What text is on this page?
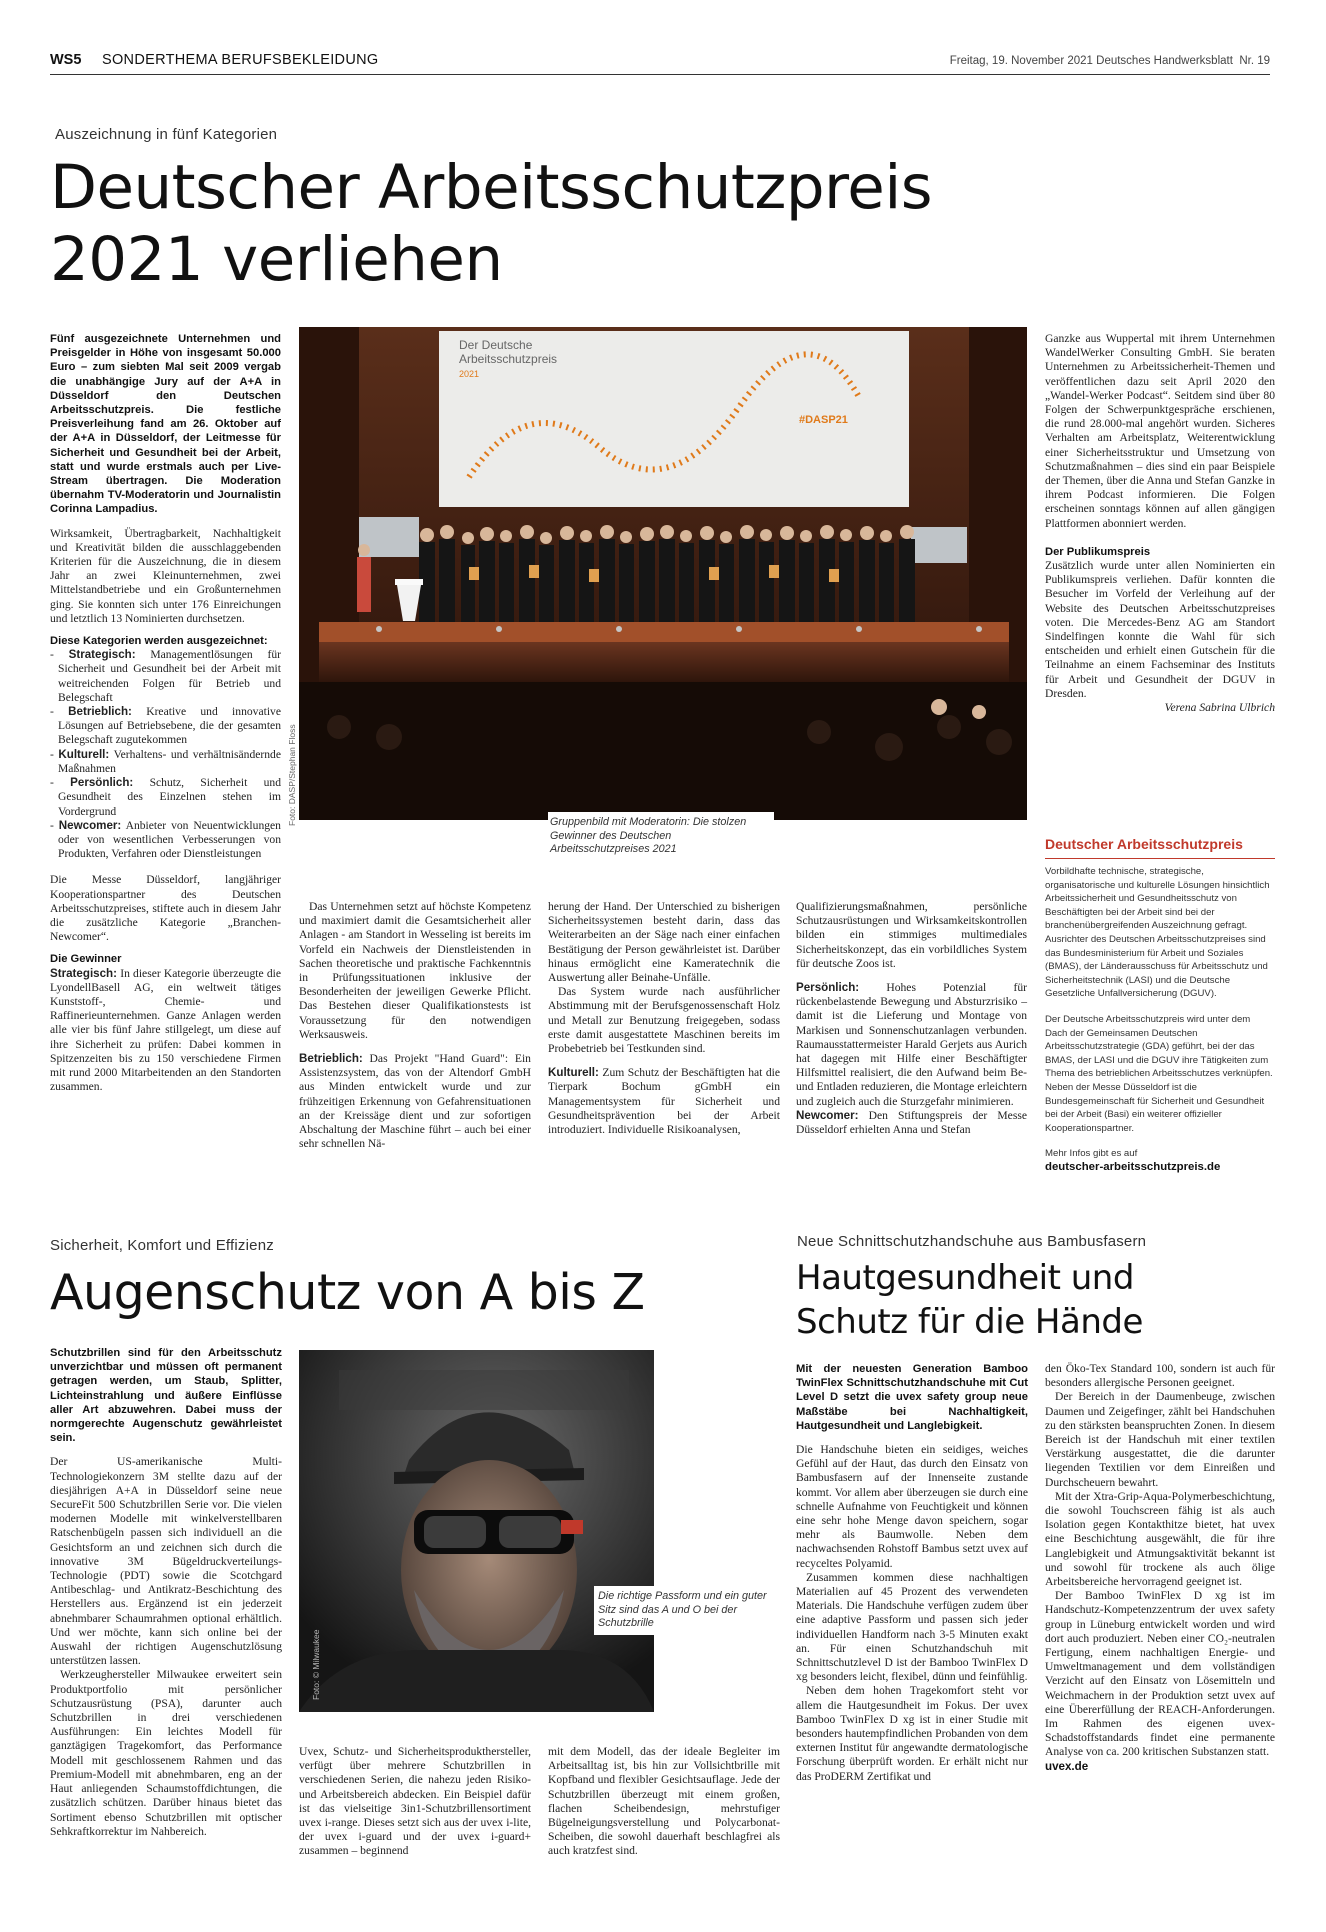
WS5 SONDERTHEMA BERUFSBEKLEIDUNG	Freitag, 19. November 2021 Deutsches Handwerksblatt Nr. 19
Auszeichnung in fünf Kategorien
Deutscher Arbeitsschutzpreis
2021 verliehen

Fünf ausgezeichnete Unternehmen und Preisgelder in Höhe von insgesamt 50.000 Euro – zum siebten Mal seit 2009 vergab die unabhängige Jury auf der A+A in Düsseldorf den Deutschen Arbeitsschutzpreis. Die festliche Preisverleihung fand am 26. Oktober auf der A+A in Düsseldorf, der Leitmesse für Sicherheit und Gesundheit bei der Arbeit, statt und wurde erstmals auch per Live-Stream übertragen. Die Moderation übernahm TV-Moderatorin und Journalistin Corinna Lampadius.

Wirksamkeit, Übertragbarkeit, Nachhaltigkeit und Kreativität bilden die ausschlaggebenden Kriterien für die Auszeichnung, die in diesem Jahr an zwei Kleinunternehmen, zwei Mittelstandbetriebe und ein Großunternehmen ging. Sie konnten sich unter 176 Einreichungen und letztlich 13 Nominierten durchsetzen.

Diese Kategorien werden ausgezeichnet:
- Strategisch: Managementlösungen für Sicherheit und Gesundheit bei der Arbeit mit weitreichenden Folgen für Betrieb und Belegschaft
- Betrieblich: Kreative und innovative Lösungen auf Betriebsebene, die der gesamten Belegschaft zugutekommen
- Kulturell: Verhaltens- und verhältnisändernde Maßnahmen
- Persönlich: Schutz, Sicherheit und Gesundheit des Einzelnen stehen im Vordergrund
- Newcomer: Anbieter von Neuentwicklungen oder von wesentlichen Verbesserungen von Produkten, Verfahren oder Dienstleistungen

Die Messe Düsseldorf, langjähriger Kooperationspartner des Deutschen Arbeitsschutzpreises, stiftete auch in diesem Jahr die zusätzliche Kategorie „Branchen-Newcomer“.

Die Gewinner

Strategisch: In dieser Kategorie überzeugte die LyondellBasell AG, ein weltweit tätiges Kunststoff-, Chemie- und Raffinerieunternehmen. Ganze Anlagen werden alle vier bis fünf Jahre stillgelegt, um diese auf ihre Sicherheit zu prüfen: Dabei kommen in Spitzenzeiten bis zu 150 verschiedene Firmen mit rund 2000 Mitarbeitenden an den Standorten zusammen.

Der Deutsche
Arbeitsschutzpreis
2021
#DASP21
Foto: DASP/Stephan Floss	Gruppenbild mit Moderatorin: Die stolzen Gewinner des Deutschen Arbeitsschutzpreises 2021

Das Unternehmen setzt auf höchste Kompetenz und maximiert damit die Gesamtsicherheit aller Anlagen - am Standort in Wesseling ist bereits im Vorfeld ein Nachweis der Dienstleistenden in Sachen theoretische und praktische Fachkenntnis in Prüfungssituationen inklusive der Besonderheiten der jeweiligen Gewerke Pflicht. Das Bestehen dieser Qualifikationstests ist Voraussetzung für den notwendigen Werksausweis.

Betrieblich: Das Projekt "Hand Guard": Ein Assistenzsystem, das von der Altendorf GmbH aus Minden entwickelt wurde und zur frühzeitigen Erkennung von Gefahrensituationen an der Kreissäge dient und zur sofortigen Abschaltung der Maschine führt – auch bei einer sehr schnellen Nä-

herung der Hand. Der Unterschied zu bisherigen Sicherheitssystemen besteht darin, dass das Weiterarbeiten an der Säge nach einer einfachen Bestätigung der Person gewährleistet ist. Darüber hinaus ermöglicht eine Kameratechnik die Auswertung aller Beinahe-Unfälle.

Das System wurde nach ausführlicher Abstimmung mit der Berufsgenossenschaft Holz und Metall zur Benutzung freigegeben, sodass erste damit ausgestattete Maschinen bereits im Probebetrieb bei Testkunden sind.

Kulturell: Zum Schutz der Beschäftigten hat die Tierpark Bochum gGmbH ein Managementsystem für Sicherheit und Gesundheitsprävention bei der Arbeit introduziert. Individuelle Risikoanalysen,

Qualifizierungsmaßnahmen, persönliche Schutzausrüstungen und Wirksamkeitskontrollen bilden ein stimmiges multimediales Sicherheitskonzept, das ein vorbildliches System für deutsche Zoos ist.

Persönlich: Hohes Potenzial für rückenbelastende Bewegung und Absturzrisiko – damit ist die Lieferung und Montage von Markisen und Sonnenschutzanlagen verbunden. Raumausstattermeister Harald Gerjets aus Aurich hat dagegen mit Hilfe einer Beschäftigter Hilfsmittel realisiert, die den Aufwand beim Be- und Entladen reduzieren, die Montage erleichtern und zugleich auch die Sturzgefahr minimieren.

Newcomer: Den Stiftungspreis der Messe Düsseldorf erhielten Anna und Stefan

Ganzke aus Wuppertal mit ihrem Unternehmen WandelWerker Consulting GmbH. Sie beraten Unternehmen zu Arbeitssicherheit-Themen und veröffentlichen dazu seit April 2020 den „Wandel-Werker Podcast“. Seitdem sind über 80 Folgen der Schwerpunktgespräche erschienen, die rund 28.000-mal angehört wurden. Sicheres Verhalten am Arbeitsplatz, Weiterentwicklung einer Sicherheitsstruktur und Umsetzung von Schutzmaßnahmen – dies sind ein paar Beispiele der Themen, über die Anna und Stefan Ganzke in ihrem Podcast informieren. Die Folgen erscheinen sonntags können auf allen gängigen Plattformen abonniert werden.

Der Publikumspreis

Zusätzlich wurde unter allen Nominierten ein Publikumspreis verliehen. Dafür konnten die Besucher im Vorfeld der Verleihung auf der Website des Deutschen Arbeitsschutzpreises voten. Die Mercedes-Benz AG am Standort Sindelfingen konnte die Wahl für sich entscheiden und erhielt einen Gutschein für die Teilnahme an einem Fachseminar des Instituts für Arbeit und Gesundheit der DGUV in Dresden.

Verena Sabrina Ulbrich

Deutscher Arbeitsschutzpreis

Vorbildhafte technische, strategische, organisatorische und kulturelle Lösungen hinsichtlich Arbeitssicherheit und Gesundheitsschutz von Beschäftigten bei der Arbeit sind bei der branchenübergreifenden Auszeichnung gefragt. Ausrichter des Deutschen Arbeitsschutzpreises sind das Bundesministerium für Arbeit und Soziales (BMAS), der Länderausschuss für Arbeitsschutz und Sicherheitstechnik (LASI) und die Deutsche Gesetzliche Unfallversicherung (DGUV).

Der Deutsche Arbeitsschutzpreis wird unter dem Dach der Gemeinsamen Deutschen Arbeitsschutzstrategie (GDA) geführt, bei der das BMAS, der LASI und die DGUV ihre Tätigkeiten zum Thema des betrieblichen Arbeitsschutzes verknüpfen. Neben der Messe Düsseldorf ist die Bundesgemeinschaft für Sicherheit und Gesundheit bei der Arbeit (Basi) ein weiterer offizieller Kooperationspartner.

Mehr Infos gibt es auf
deutscher-arbeitsschutzpreis.de
Sicherheit, Komfort und Effizienz
Augenschutz von A bis Z

Schutzbrillen sind für den Arbeitsschutz unverzichtbar und müssen oft permanent getragen werden, um Staub, Splitter, Lichteinstrahlung und äußere Einflüsse aller Art abzuwehren. Dabei muss der normgerechte Augenschutz gewährleistet sein.

Der US-amerikanische Multi-Technologiekonzern 3M stellte dazu auf der diesjährigen A+A in Düsseldorf seine neue SecureFit 500 Schutzbrillen Serie vor. Die vielen modernen Modelle mit winkelverstellbaren Ratschenbügeln passen sich individuell an die Gesichtsform an und zeichnen sich durch die innovative 3M Bügeldruckverteilungs-Technologie (PDT) sowie die Scotchgard Antibeschlag- und Antikratz-Beschichtung des Herstellers aus. Ergänzend ist ein jederzeit abnehmbarer Schaumrahmen optional erhältlich. Und wer möchte, kann sich online bei der Auswahl der richtigen Augenschutzlösung unterstützen lassen.

Werkzeughersteller Milwaukee erweitert sein Produktportfolio mit persönlicher Schutzausrüstung (PSA), darunter auch Schutzbrillen in drei verschiedenen Ausführungen: Ein leichtes Modell für ganztägigen Tragekomfort, das Performance Modell mit geschlossenem Rahmen und das Premium-Modell mit abnehmbaren, eng an der Haut anliegenden Schaumstoffdichtungen, die zusätzlich schützen. Darüber hinaus bietet das Sortiment ebenso Schutzbrillen mit optischer Sehkraftkorrektur im Nahbereich.

Foto: © Milwaukee
Die richtige Passform und ein guter Sitz sind das A und O bei der Schutzbrille

Uvex, Schutz- und Sicherheitsprodukthersteller, verfügt über mehrere Schutzbrillen in verschiedenen Serien, die nahezu jeden Risiko- und Arbeitsbereich abdecken. Ein Beispiel dafür ist das vielseitige 3in1-Schutzbrillensortiment uvex i-range. Dieses setzt sich aus der uvex i-lite, der uvex i-guard und der uvex i-guard+ zusammen – beginnend

mit dem Modell, das der ideale Begleiter im Arbeitsalltag ist, bis hin zur Vollsichtbrille mit Kopfband und flexibler Gesichtsauflage. Jede der Schutzbrillen überzeugt mit einem großen, flachen Scheibendesign, mehrstufiger Bügelneigungsverstellung und Polycarbonat-Scheiben, die sowohl dauerhaft beschlagfrei als auch kratzfest sind.

Neue Schnittschutzhandschuhe aus Bambusfasern
Hautgesundheit und
Schutz für die Hände

Mit der neuesten Generation Bamboo TwinFlex Schnittschutzhandschuhe mit Cut Level D setzt die uvex safety group neue Maßstäbe bei Nachhaltigkeit, Hautgesundheit und Langlebigkeit.

Die Handschuhe bieten ein seidiges, weiches Gefühl auf der Haut, das durch den Einsatz von Bambusfasern auf der Innenseite zustande kommt. Vor allem aber überzeugen sie durch eine schnelle Aufnahme von Feuchtigkeit und können eine sehr hohe Menge davon speichern, sogar mehr als Baumwolle. Neben dem nachwachsenden Rohstoff Bambus setzt uvex auf recyceltes Polyamid.

Zusammen kommen diese nachhaltigen Materialien auf 45 Prozent des verwendeten Materials. Die Handschuhe verfügen zudem über eine adaptive Passform und passen sich jeder individuellen Handform nach 3-5 Minuten exakt an. Für einen Schutzhandschuh mit Schnittschutzlevel D ist der Bamboo TwinFlex D xg besonders leicht, flexibel, dünn und feinfühlig.

Neben dem hohen Tragekomfort steht vor allem die Hautgesundheit im Fokus. Der uvex Bamboo TwinFlex D xg ist in einer Studie mit besonders hautempfindlichen Probanden von dem externen Institut für angewandte dermatologische Forschung überprüft worden. Er erhält nicht nur das ProDERM Zertifikat und

den Öko-Tex Standard 100, sondern ist auch für besonders allergische Personen geeignet.

Der Bereich in der Daumenbeuge, zwischen Daumen und Zeigefinger, zählt bei Handschuhen zu den stärksten beanspruchten Zonen. In diesem Bereich ist der Handschuh mit einer textilen Verstärkung ausgestattet, die die darunter liegenden Textilien vor dem Einreißen und Durchscheuern bewahrt.

Mit der Xtra-Grip-Aqua-Polymerbeschichtung, die sowohl Touchscreen fähig ist als auch Isolation gegen Kontakthitze bietet, hat uvex eine Beschichtung ausgewählt, die für ihre Langlebigkeit und Atmungsaktivität bekannt ist und sowohl für trockene als auch ölige Arbeitsbereiche hervorragend geeignet ist.

Der Bamboo TwinFlex D xg ist im Handschutz-Kompetenzzentrum der uvex safety group in Lüneburg entwickelt worden und wird dort auch produziert. Neben einer CO₂-neutralen Fertigung, einem nachhaltigen Energie- und Umweltmanagement und dem vollständigen Verzicht auf den Einsatz von Lösemitteln und Weichmachern in der Produktion setzt uvex auf eine Übererfüllung der REACH-Anforderungen. Im Rahmen des eigenen uvex-Schadstoffstandards findet eine permanente Analyse von ca. 200 kritischen Substanzen statt.

uvex.de
